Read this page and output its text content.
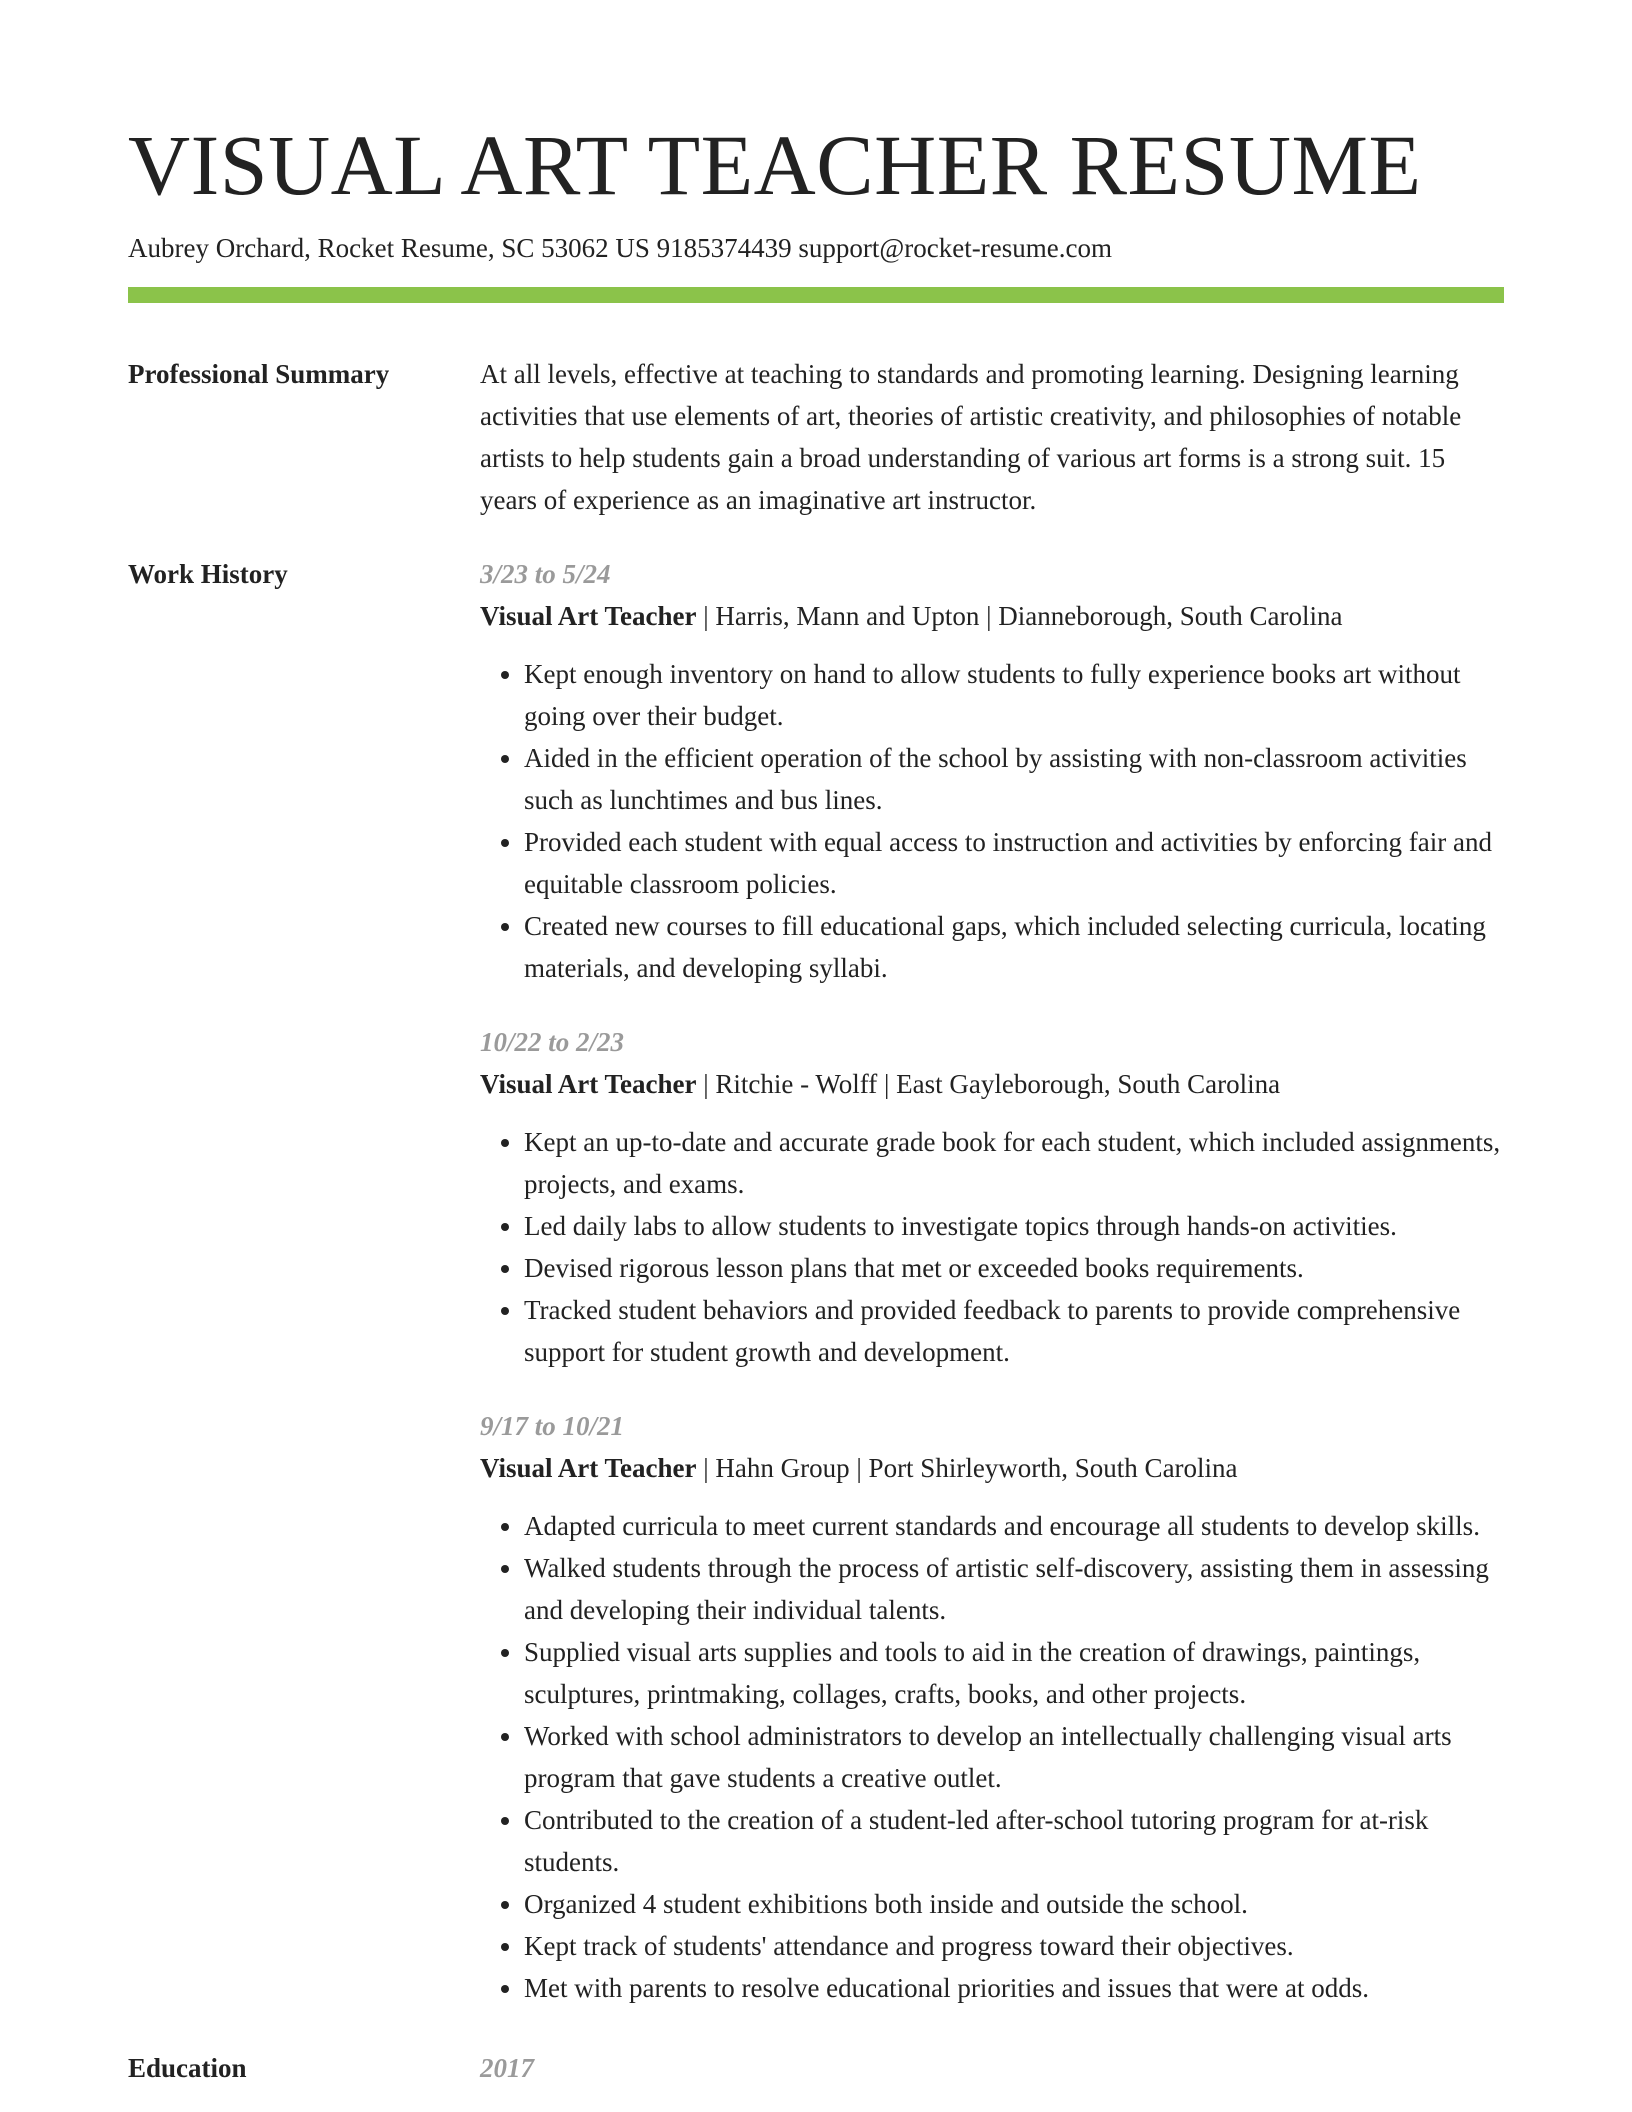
VISUAL ART TEACHER RESUME
Aubrey Orchard, Rocket Resume, SC 53062 US 9185374439 support@rocket-resume.com
Professional Summary	At all levels, effective at teaching to standards and promoting learning. Designing learning activities that use elements of art, theories of artistic creativity, and philosophies of notable artists to help students gain a broad understanding of various art forms is a strong suit. 15 years of experience as an imaginative art instructor.

Work History	3/23 to 5/24
Visual Art Teacher | Harris, Mann and Upton | Dianneborough, South Carolina
• Kept enough inventory on hand to allow students to fully experience books art without going over their budget.
• Aided in the efficient operation of the school by assisting with non-classroom activities such as lunchtimes and bus lines.
• Provided each student with equal access to instruction and activities by enforcing fair and equitable classroom policies.
• Created new courses to fill educational gaps, which included selecting curricula, locating materials, and developing syllabi.
10/22 to 2/23
Visual Art Teacher | Ritchie - Wolff | East Gayleborough, South Carolina
• Kept an up-to-date and accurate grade book for each student, which included assignments, projects, and exams.
• Led daily labs to allow students to investigate topics through hands-on activities.
• Devised rigorous lesson plans that met or exceeded books requirements.
• Tracked student behaviors and provided feedback to parents to provide comprehensive support for student growth and development.
9/17 to 10/21
Visual Art Teacher | Hahn Group | Port Shirleyworth, South Carolina
• Adapted curricula to meet current standards and encourage all students to develop skills.
• Walked students through the process of artistic self-discovery, assisting them in assessing and developing their individual talents.
• Supplied visual arts supplies and tools to aid in the creation of drawings, paintings, sculptures, printmaking, collages, crafts, books, and other projects.
• Worked with school administrators to develop an intellectually challenging visual arts program that gave students a creative outlet.
• Contributed to the creation of a student-led after-school tutoring program for at-risk students.
• Organized 4 student exhibitions both inside and outside the school.
• Kept track of students' attendance and progress toward their objectives.
• Met with parents to resolve educational priorities and issues that were at odds.
Education	2017
